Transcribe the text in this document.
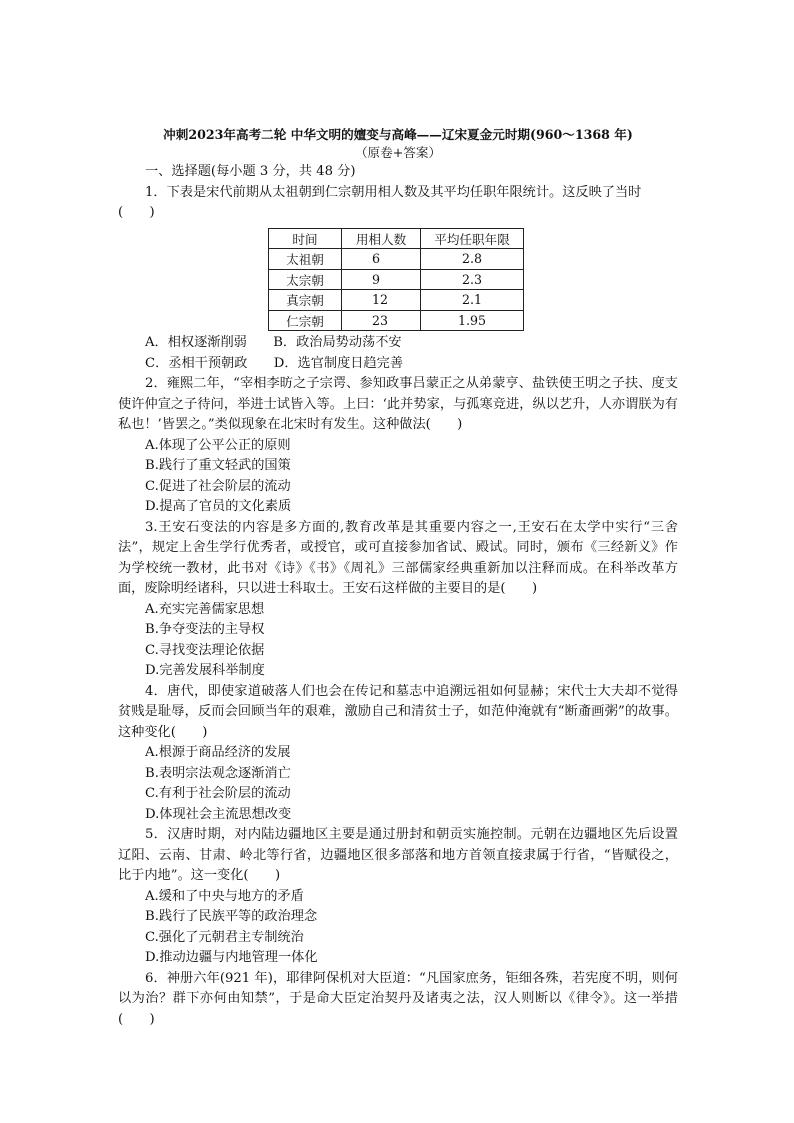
冲刺2023年高考二轮 中华文明的嬗变与高峰——辽宋夏金元时期(960～1368 年)
（原卷+答案）
一、选择题(每小题 3 分，共 48 分)
1．下表是宋代前期从太祖朝到仁宗朝用相人数及其平均任职年限统计。这反映了当时
(　　)
时间	用相人数	平均任职年限
太祖朝	6	2.8
太宗朝	9	2.3
真宗朝	12	2.1
仁宗朝	23	1.95
A．相权逐渐削弱　　B．政治局势动荡不安
C．丞相干预朝政　　D．选官制度日趋完善
2．雍熙二年，“宰相李昉之子宗谔、参知政事吕蒙正之从弟蒙亨、盐铁使王明之子扶、度支使许仲宣之子待问，举进士试皆入等。上曰：‘此并势家，与孤寒竞进，纵以艺升，人亦谓朕为有私也！’皆罢之。”类似现象在北宋时有发生。这种做法(　　)
A.体现了公平公正的原则
B.践行了重文轻武的国策
C.促进了社会阶层的流动
D.提高了官员的文化素质
3.王安石变法的内容是多方面的,教育改革是其重要内容之一,王安石在太学中实行“三舍法”，规定上舍生学行优秀者，或授官，或可直接参加省试、殿试。同时，颁布《三经新义》作为学校统一教材，此书对《诗》《书》《周礼》三部儒家经典重新加以注释而成。在科举改革方面，废除明经诸科，只以进士科取士。王安石这样做的主要目的是(　　)
A.充实完善儒家思想
B.争夺变法的主导权
C.寻找变法理论依据
D.完善发展科举制度
4．唐代，即使家道破落人们也会在传记和墓志中追溯远祖如何显赫；宋代士大夫却不觉得贫贱是耻辱，反而会回顾当年的艰难，激励自己和清贫士子，如范仲淹就有“断齑画粥”的故事。这种变化(　　)
A.根源于商品经济的发展
B.表明宗法观念逐渐消亡
C.有利于社会阶层的流动
D.体现社会主流思想改变
5．汉唐时期，对内陆边疆地区主要是通过册封和朝贡实施控制。元朝在边疆地区先后设置辽阳、云南、甘肃、岭北等行省，边疆地区很多部落和地方首领直接隶属于行省，“皆赋役之，比于内地”。这一变化(　　)
A.缓和了中央与地方的矛盾
B.践行了民族平等的政治理念
C.强化了元朝君主专制统治
D.推动边疆与内地管理一体化
6．神册六年(921 年)，耶律阿保机对大臣道：“凡国家庶务，钜细各殊，若宪度不明，则何以为治？群下亦何由知禁”，于是命大臣定治契丹及诸夷之法，汉人则断以《律令》。这一举措(　　)
